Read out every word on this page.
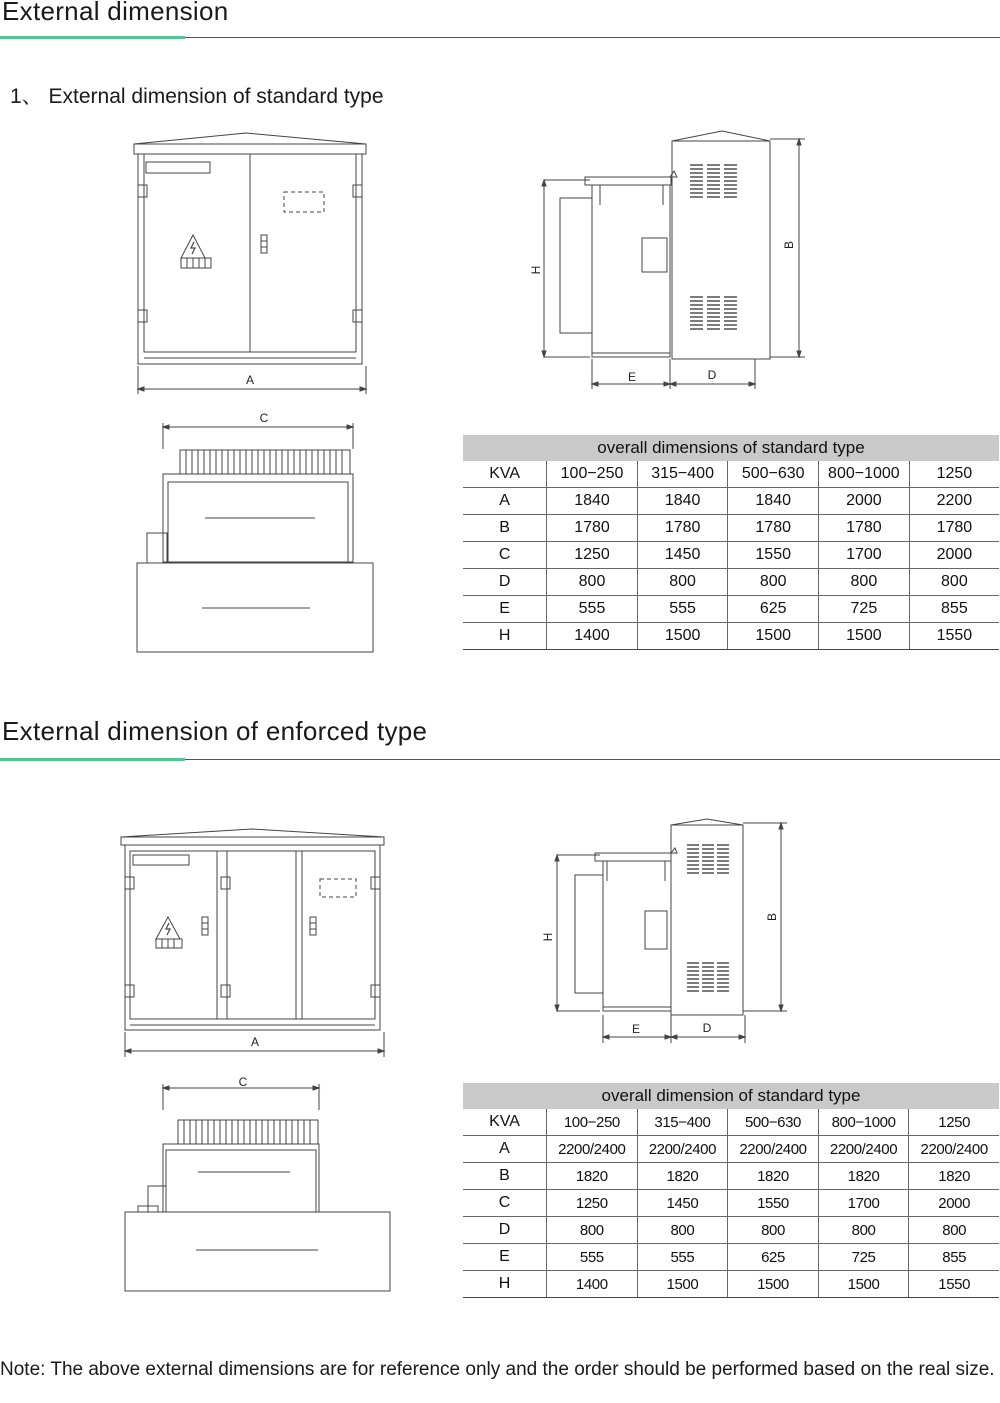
External dimension
1、 External dimension of standard type
A
H
B
E	D
C
overall dimensions of standard type					
KVA	100−250	315−400	500−630	800−1000	1250
A	1840	1840	1840	2000	2200
B	1780	1780	1780	1780	1780
C	1250	1450	1550	1700	2000
D	800	800	800	800	800
E	555	555	625	725	855
H	1400	1500	1500	1500	1550
External dimension of enforced type
A
H
B
E	D
C
overall dimension of standard type					
KVA	100−250	315−400	500−630	800−1000	1250
A	2200/2400	2200/2400	2200/2400	2200/2400	2200/2400
B	1820	1820	1820	1820	1820
C	1250	1450	1550	1700	2000
D	800	800	800	800	800
E	555	555	625	725	855
H	1400	1500	1500	1500	1550
Note: The above external dimensions are for reference only and the order should be performed based on the real size.
